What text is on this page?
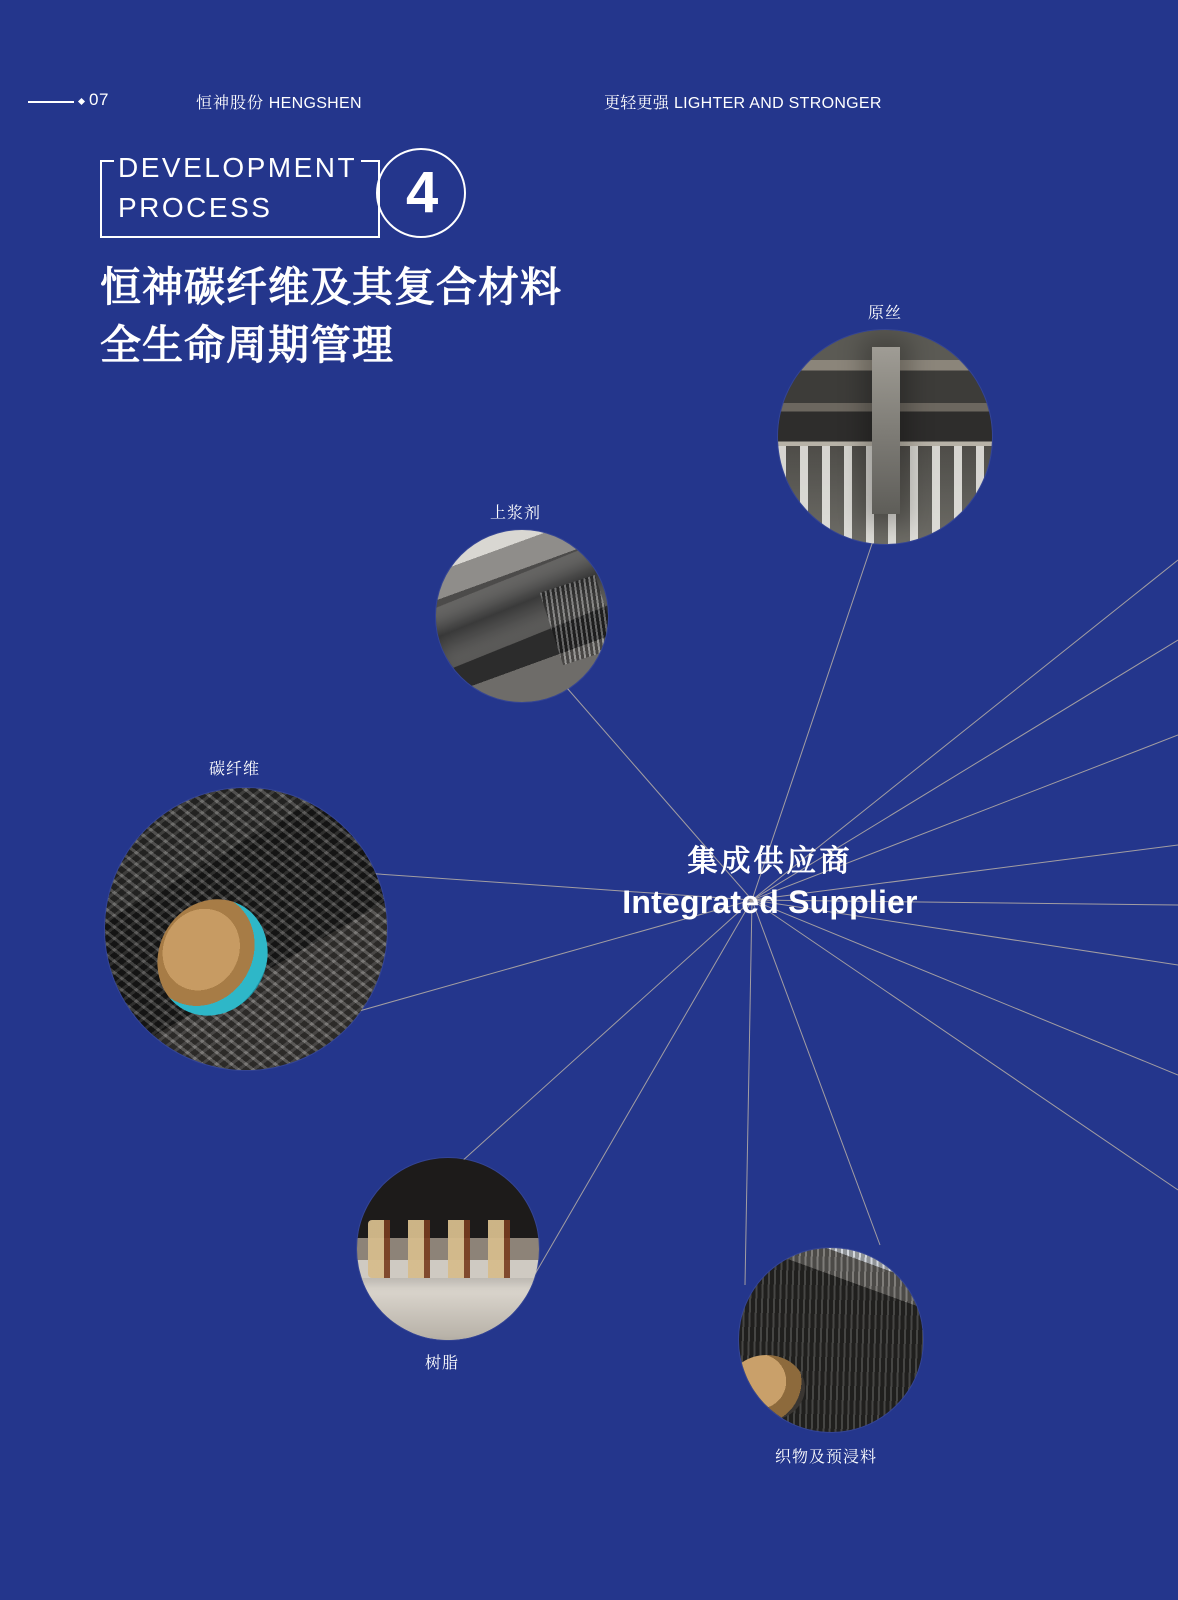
07	恒神股份 HENGSHEN	更轻更强 LIGHTER AND STRONGER
DEVELOPMENT
PROCESS 4
恒神碳纤维及其复合材料
全生命周期管理
集成供应商
Integrated Supplier
原丝
上浆剂
碳纤维
树脂
织物及预浸料
